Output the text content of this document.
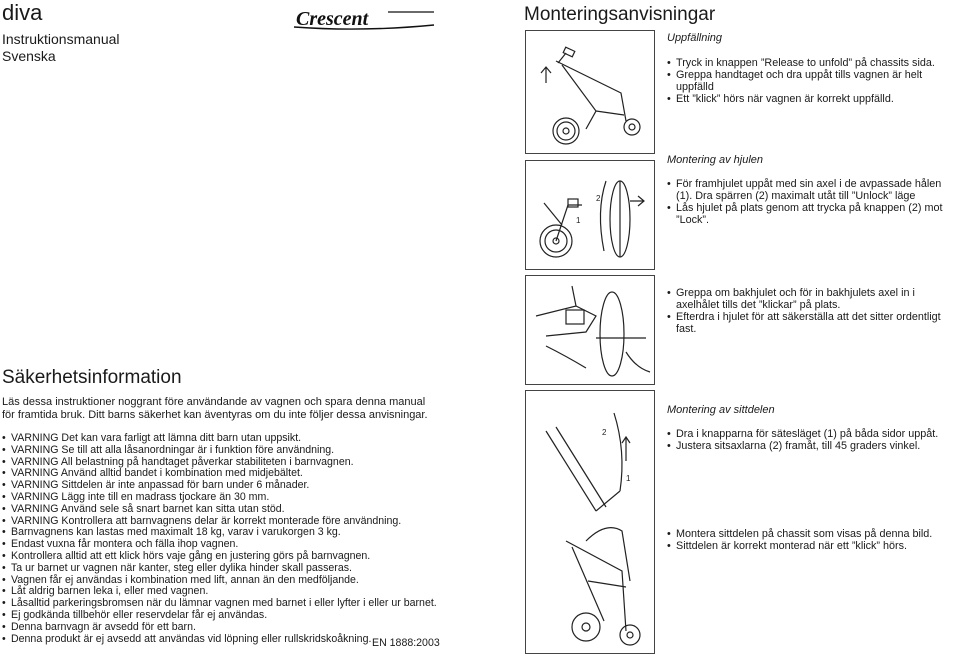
diva
Instruktionsmanual
Svenska
Crescent
Säkerhetsinformation

Läs dessa instruktioner noggrant före användande av vagnen och spara denna manual för framtida bruk. Ditt barns säkerhet kan äventyras om du inte följer dessa anvisningar.

• VARNING Det kan vara farligt att lämna ditt barn utan uppsikt.
• VARNING Se till att alla låsanordningar är i funktion före användning.
• VARNING All belastning på handtaget påverkar stabiliteten i barnvagnen.
• VARNING Använd alltid bandet i kombination med midjebältet.
• VARNING Sittdelen är inte anpassad för barn under 6 månader.
• VARNING Lägg inte till en madrass tjockare än 30 mm.
• VARNING Använd sele så snart barnet kan sitta utan stöd.
• VARNING Kontrollera att barnvagnens delar är korrekt monterade före användning.
• Barnvagnens kan lastas med maximalt 18 kg, varav i varukorgen 3 kg.
• Endast vuxna får montera och fälla ihop vagnen.
• Kontrollera alltid att ett klick hörs vaje gång en justering görs på barnvagnen.
• Ta ur barnet ur vagnen när kanter, steg eller dylika hinder skall passeras.
• Vagnen får ej användas i kombination med lift, annan än den medföljande.
• Låt aldrig barnen leka i, eller med vagnen.
• Låsalltid parkeringsbromsen när du lämnar vagnen med barnet i eller lyfter i eller ur barnet.
• Ej godkända tillbehör eller reservdelar får ej användas.
• Denna barnvagn är avsedd för ett barn.
• Denna produkt är ej avsedd att användas vid löpning eller rullskridskoåkning. EN 1888:2003
Monteringsanvisningar
Uppfällning
• Tryck in knappen ”Release to unfold” på chassits sida.
• Greppa handtaget och dra uppåt tills vagnen är helt uppfälld
• Ett ”klick” hörs när vagnen är korrekt uppfälld.
1
2
Montering av hjulen
• För framhjulet uppåt med sin axel i de avpassade hålen (1). Dra spärren (2) maximalt utåt till ”Unlock” läge
• Lås hjulet på plats genom att trycka på knappen (2) mot ”Lock”.
• Greppa om bakhjulet och för in bakhjulets axel in i axelhålet tills det ”klickar” på plats.
• Efterdra i hjulet för att säkerställa att det sitter ordentligt fast.
2
1
Montering av sittdelen
• Dra i knapparna för sätesläget (1) på båda sidor uppåt.
• Justera sitsaxlarna (2) framåt, till 45 graders vinkel.
• Montera sittdelen på chassit som visas på denna bild.
• Sittdelen är korrekt monterad när ett ”klick” hörs.
